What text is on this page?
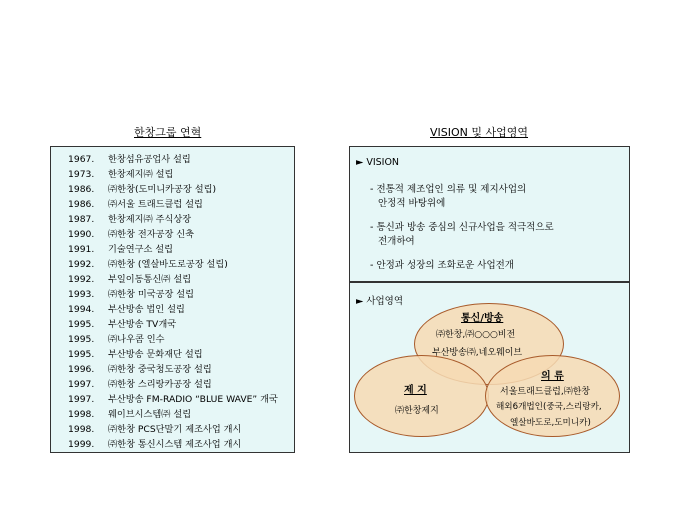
한창그룹 연혁	VISION 및 사업영역
1967. 한창섬유공업사 설립
1973. 한창제지㈜ 설립
1986. ㈜한창(도미니카공장 설립)
1986. ㈜서울 트래드클럽 설립
1987. 한창제지㈜ 주식상장
1990. ㈜한창 전자공장 신축
1991. 기술연구소 설립
1992. ㈜한창 (엘살바도로공장 설립)
1992. 부일이동통신㈜ 설립
1993. ㈜한창 미국공장 설립
1994. 부산방송 법인 설립
1995. 부산방송 TV개국
1995. ㈜나우콤 인수
1995. 부산방송 문화재단 설립
1996. ㈜한창 중국청도공장 설립
1997. ㈜한창 스리랑카공장 설립
1997. 부산방송 FM-RADIO “BLUE WAVE” 개국
1998. 웨이브시스템㈜ 설립
1998. ㈜한창 PCS단말기 제조사업 개시
1999. ㈜한창 통신시스템 제조사업 개시
► VISION
- 전통적 제조업인 의류 및 제지사업의
안정적 바탕위에
- 통신과 방송 중심의 신규사업을 적극적으로
전개하여
- 안정과 성장의 조화로운 사업전개
► 사업영역
통신/방송
㈜한창,㈜○○○비전
부산방송㈜,네오웨이브
제 지
㈜한창제지
의 류
서울트래드클럽,㈜한창
해외6개법인(중국,스리랑카,
엘살바도로,도미니카)
